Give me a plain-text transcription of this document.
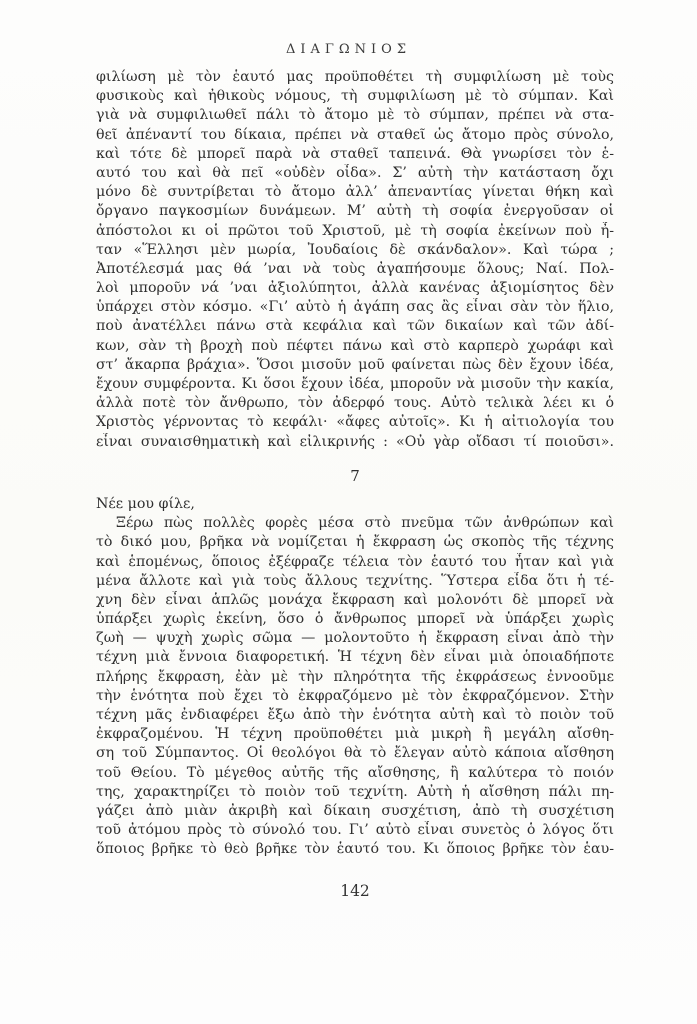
ΔΙΑΓΩΝΙΟΣ
φιλίωση μὲ τὸν ἑαυτό μας προϋποθέτει τὴ συμφιλίωση μὲ τοὺς
φυσικοὺς καὶ ἠθικοὺς νόμους, τὴ συμφιλίωση μὲ τὸ σύμπαν. Καὶ
γιὰ νὰ συμφιλιωθεῖ πάλι τὸ ἄτομο μὲ τὸ σύμπαν, πρέπει νὰ στα-
θεῖ ἀπέναντί του δίκαια, πρέπει νὰ σταθεῖ ὡς ἄτομο πρὸς σύνολο,
καὶ τότε δὲ μπορεῖ παρὰ νὰ σταθεῖ ταπεινά. Θὰ γνωρίσει τὸν ἑ-
αυτό του καὶ θὰ πεῖ «οὐδὲν οἶδα». Σ’ αὐτὴ τὴν κατάσταση ὄχι
μόνο δὲ συντρίβεται τὸ ἄτομο ἀλλ’ ἀπεναντίας γίνεται θήκη καὶ
ὄργανο παγκοσμίων δυνάμεων. Μ’ αὐτὴ τὴ σοφία ἐνεργοῦσαν οἱ
ἀπόστολοι κι οἱ πρῶτοι τοῦ Χριστοῦ, μὲ τὴ σοφία ἐκείνων ποὺ ἦ-
ταν «Ἕλλησι μὲν μωρία, Ἰουδαίοις δὲ σκάνδαλον». Καὶ τώρα ;
Ἀποτέλεσμά μας θά ’ναι νὰ τοὺς ἀγαπήσουμε ὅλους; Ναί. Πολ-
λοὶ μποροῦν νά ’ναι ἀξιολύπητοι, ἀλλὰ κανένας ἀξιομίσητος δὲν
ὑπάρχει στὸν κόσμο. «Γι’ αὐτὸ ἡ ἀγάπη σας ἂς εἶναι σὰν τὸν ἥλιο,
ποὺ ἀνατέλλει πάνω στὰ κεφάλια καὶ τῶν δικαίων καὶ τῶν ἀδί-
κων, σὰν τὴ βροχὴ ποὺ πέφτει πάνω καὶ στὸ καρπερὸ χωράφι καὶ
στ’ ἄκαρπα βράχια». Ὅσοι μισοῦν μοῦ φαίνεται πὼς δὲν ἔχουν ἰδέα,
ἔχουν συμφέροντα. Κι ὅσοι ἔχουν ἰδέα, μποροῦν νὰ μισοῦν τὴν κακία,
ἀλλὰ ποτὲ τὸν ἄνθρωπο, τὸν ἀδερφό τους. Αὐτὸ τελικὰ λέει κι ὁ
Χριστὸς γέρνοντας τὸ κεφάλι· «ἄφες αὐτοῖς». Κι ἡ αἰτιολογία του
εἶναι συναισθηματικὴ καὶ εἰλικρινής : «Οὐ γὰρ οἴδασι τί ποιοῦσι».
7
Νέε μου φίλε,
Ξέρω πὼς πολλὲς φορὲς μέσα στὸ πνεῦμα τῶν ἀνθρώπων καὶ
τὸ δικό μου, βρῆκα νὰ νομίζεται ἡ ἔκφραση ὡς σκοπὸς τῆς τέχνης
καὶ ἑπομένως, ὅποιος ἐξέφραζε τέλεια τὸν ἑαυτό του ἦταν καὶ γιὰ
μένα ἄλλοτε καὶ γιὰ τοὺς ἄλλους τεχνίτης. Ὕστερα εἶδα ὅτι ἡ τέ-
χνη δὲν εἶναι ἁπλῶς μονάχα ἔκφραση καὶ μολονότι δὲ μπορεῖ νὰ
ὑπάρξει χωρὶς ἐκείνη, ὅσο ὁ ἄνθρωπος μπορεῖ νὰ ὑπάρξει χωρὶς
ζωὴ — ψυχὴ χωρὶς σῶμα — μολοντοῦτο ἡ ἔκφραση εἶναι ἀπὸ τὴν
τέχνη μιὰ ἔννοια διαφορετική. Ἡ τέχνη δὲν εἶναι μιὰ ὁποιαδήποτε
πλήρης ἔκφραση, ἐὰν μὲ τὴν πληρότητα τῆς ἐκφράσεως ἐννοοῦμε
τὴν ἑνότητα ποὺ ἔχει τὸ ἐκφραζόμενο μὲ τὸν ἐκφραζόμενον. Στὴν
τέχνη μᾶς ἐνδιαφέρει ἔξω ἀπὸ τὴν ἑνότητα αὐτὴ καὶ τὸ ποιὸν τοῦ
ἐκφραζομένου. Ἡ τέχνη προϋποθέτει μιὰ μικρὴ ἢ μεγάλη αἴσθη-
ση τοῦ Σύμπαντος. Οἱ θεολόγοι θὰ τὸ ἔλεγαν αὐτὸ κάποια αἴσθηση
τοῦ Θείου. Τὸ μέγεθος αὐτῆς τῆς αἴσθησης, ἢ καλύτερα τὸ ποιόν
της, χαρακτηρίζει τὸ ποιὸν τοῦ τεχνίτη. Αὐτὴ ἡ αἴσθηση πάλι πη-
γάζει ἀπὸ μιὰν ἀκριβὴ καὶ δίκαιη συσχέτιση, ἀπὸ τὴ συσχέτιση
τοῦ ἀτόμου πρὸς τὸ σύνολό του. Γι’ αὐτὸ εἶναι συνετὸς ὁ λόγος ὅτι
ὅποιος βρῆκε τὸ θεὸ βρῆκε τὸν ἑαυτό του. Κι ὅποιος βρῆκε τὸν ἑαυ-
142
